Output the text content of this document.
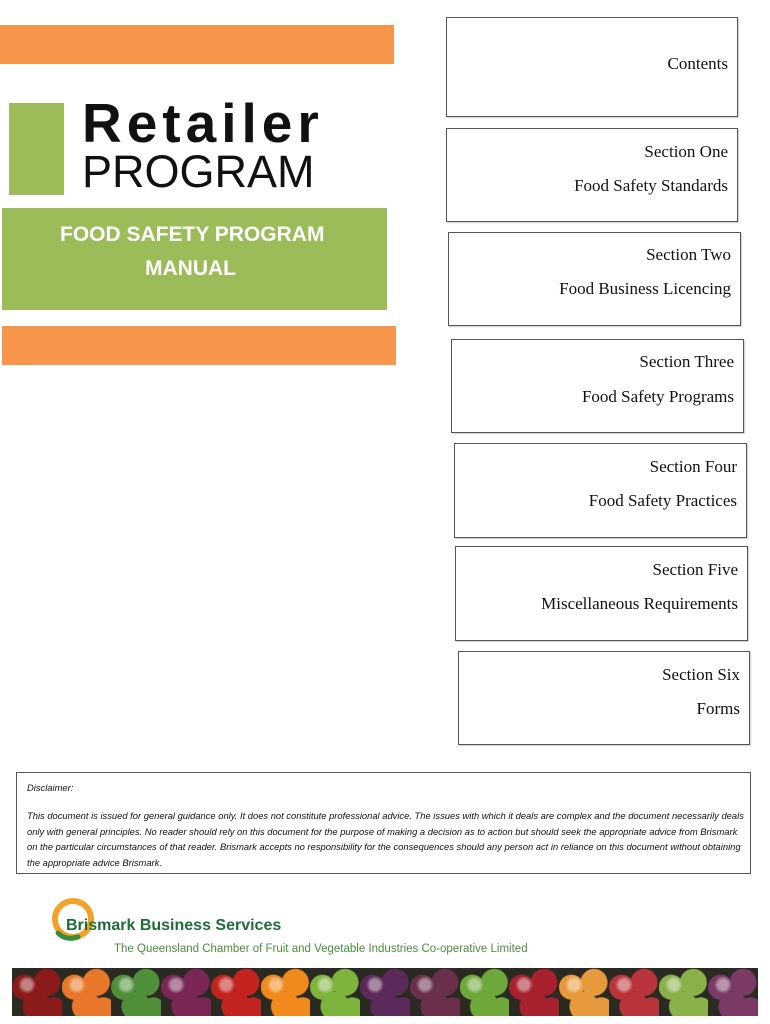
Retailer
PROGRAM
FOOD SAFETY PROGRAM
MANUAL
Contents
Section One
Food Safety Standards
Section Two
Food Business Licencing
Section Three
Food Safety Programs
Section Four
Food Safety Practices
Section Five
Miscellaneous Requirements
Section Six
Forms
Disclaimer:
This document is issued for general guidance only. It does not constitute professional advice. The issues with which it deals are complex and the document necessarily deals only with general principles. No reader should rely on this document for the purpose of making a decision as to action but should seek the appropriate advice from Brismark on the particular circumstances of that reader. Brismark accepts no responsibility for the consequences should any person act in reliance on this document without obtaining the appropriate advice Brismark.
Brismark Business Services
The Queensland Chamber of Fruit and Vegetable Industries Co-operative Limited
